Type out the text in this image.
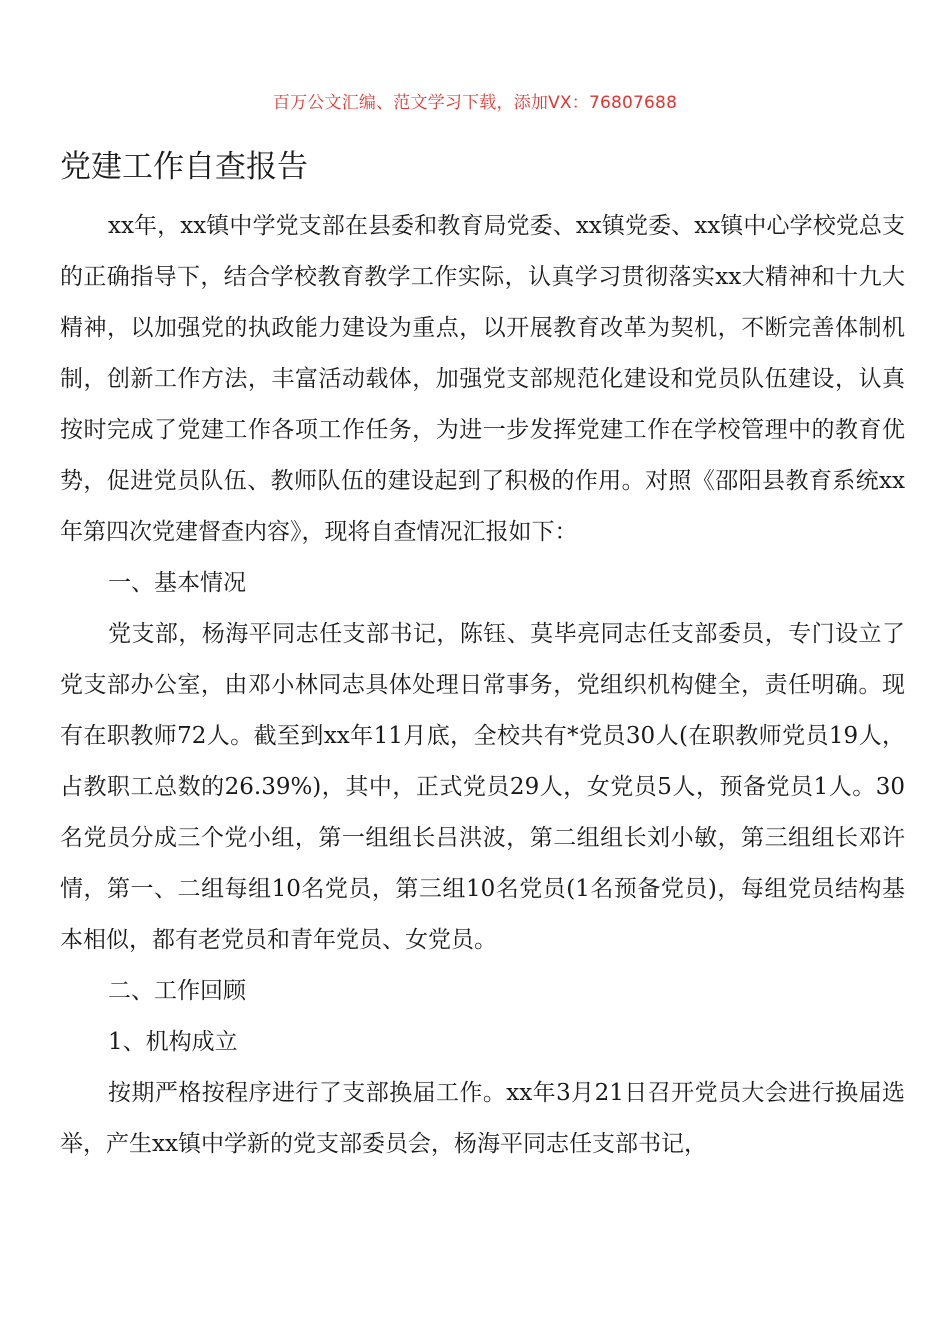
百万公文汇编、范文学习下载，添加VX：76807688
党建工作自查报告

xx年，xx镇中学党支部在县委和教育局党委、xx镇党委、xx镇中心学校党总支的正确指导下，结合学校教育教学工作实际，认真学习贯彻落实xx大精神和十九大精神，以加强党的执政能力建设为重点，以开展教育改革为契机，不断完善体制机制，创新工作方法，丰富活动载体，加强党支部规范化建设和党员队伍建设，认真按时完成了党建工作各项工作任务，为进一步发挥党建工作在学校管理中的教育优势，促进党员队伍、教师队伍的建设起到了积极的作用。对照《邵阳县教育系统xx年第四次党建督查内容》，现将自查情况汇报如下：

一、基本情况

党支部，杨海平同志任支部书记，陈钰、莫毕亮同志任支部委员，专门设立了党支部办公室，由邓小林同志具体处理日常事务，党组织机构健全，责任明确。现有在职教师72人。截至到xx年11月底，全校共有*党员30人(在职教师党员19人，占教职工总数的26.39%)，其中，正式党员29人，女党员5人，预备党员1人。30名党员分成三个党小组，第一组组长吕洪波，第二组组长刘小敏，第三组组长邓许情，第一、二组每组10名党员，第三组10名党员(1名预备党员)，每组党员结构基本相似，都有老党员和青年党员、女党员。

二、工作回顾

1、机构成立

按期严格按程序进行了支部换届工作。xx年3月21日召开党员大会进行换届选举，产生xx镇中学新的党支部委员会，杨海平同志任支部书记，
